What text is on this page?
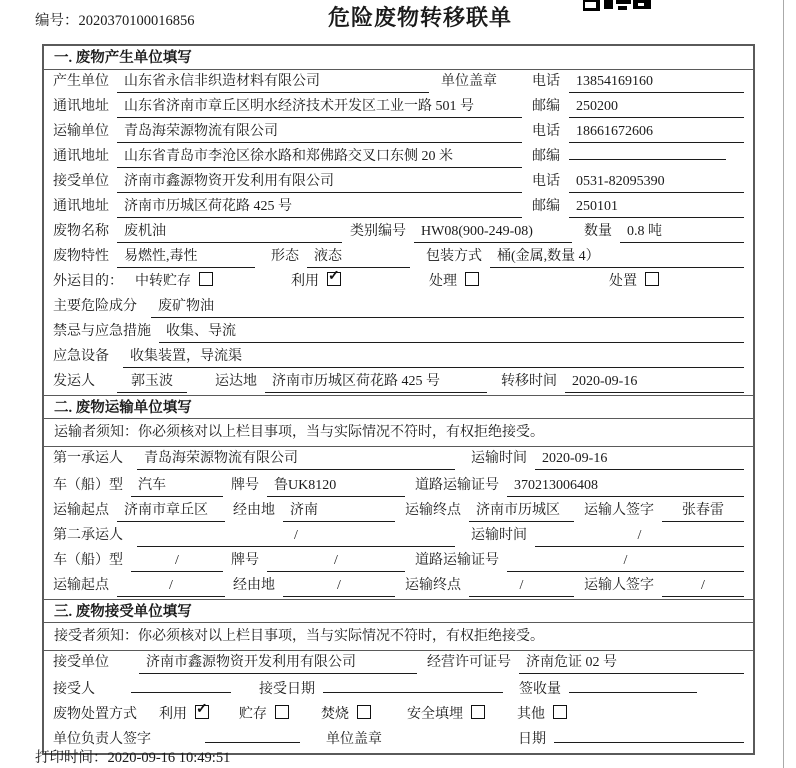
编号：2020370100016856	危险废物转移联单
一. 废物产生单位填写
产生单位	山东省永信非织造材料有限公司	单位盖章	电话	13854169160
通讯地址	山东省济南市章丘区明水经济技术开发区工业一路 501 号	邮编	250200
运输单位	青岛海荣源物流有限公司	电话	18661672606
通讯地址	山东省青岛市李沧区徐水路和郑佛路交叉口东侧 20 米	邮编
接受单位	济南市鑫源物资开发利用有限公司	电话	0531-82095390
通讯地址	济南市历城区荷花路 425 号	邮编	250101
废物名称	废机油	类别编号	HW08(900-249-08)	数量	0.8 吨
废物特性	易燃性,毒性	形态	液态	包装方式	桶(金属,数量 4）
外运目的： 中转贮存	利用 ✓	处理	处置
主要危险成分	废矿物油
禁忌与应急措施	收集、导流
应急设备	收集装置，导流渠
发运人	郭玉波	运达地	济南市历城区荷花路 425 号	转移时间	2020-09-16
二. 废物运输单位填写
运输者须知：你必须核对以上栏目事项，当与实际情况不符时，有权拒绝接受。
第一承运人	青岛海荣源物流有限公司	运输时间	2020-09-16
车（船）型	汽车	牌号	鲁UK8120	道路运输证号	370213006408
运输起点	济南市章丘区	经由地	济南	运输终点	济南市历城区	运输人签字	张春雷
第二承运人	/	运输时间	/
车（船）型	/	牌号	/	道路运输证号	/
运输起点	/	经由地	/	运输终点	/	运输人签字	/
三. 废物接受单位填写
接受者须知：你必须核对以上栏目事项，当与实际情况不符时，有权拒绝接受。
接受单位	济南市鑫源物资开发利用有限公司	经营许可证号	济南危证 02 号
接受人	接受日期	签收量
废物处置方式 利用 ✓	贮存	焚烧	安全填埋	其他
单位负责人签字	单位盖章	日期
打印时间：2020-09-16 10:49:51
